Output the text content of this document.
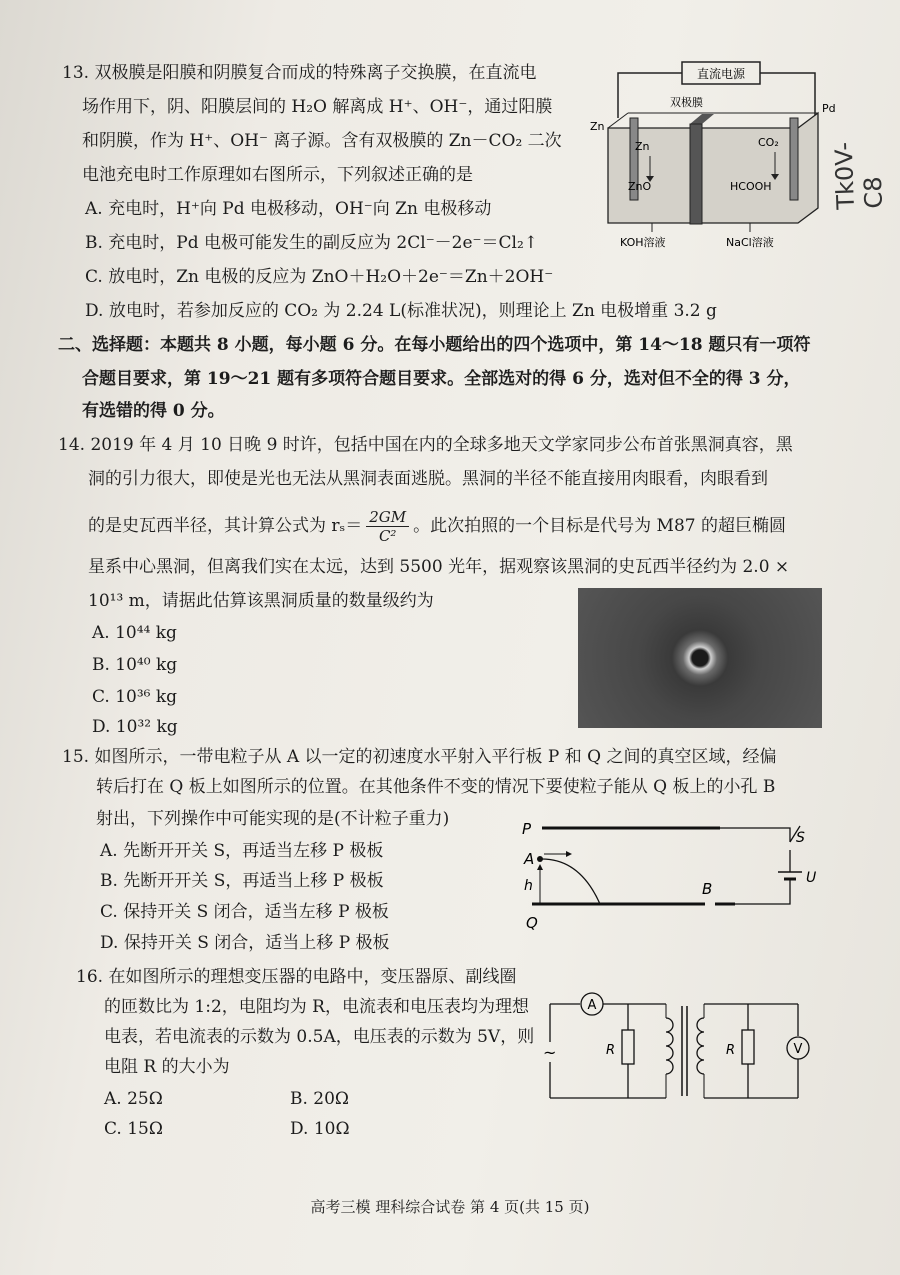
13. 双极膜是阳膜和阴膜复合而成的特殊离子交换膜，在直流电
场作用下，阴、阳膜层间的 H₂O 解离成 H⁺、OH⁻，通过阳膜
和阴膜，作为 H⁺、OH⁻ 离子源。含有双极膜的 Zn－CO₂ 二次
电池充电时工作原理如右图所示，下列叙述正确的是
A. 充电时，H⁺向 Pd 电极移动，OH⁻向 Zn 电极移动
B. 充电时，Pd 电极可能发生的副反应为 2Cl⁻－2e⁻＝Cl₂↑
C. 放电时，Zn 电极的反应为 ZnO＋H₂O＋2e⁻＝Zn＋2OH⁻
D. 放电时，若参加反应的 CO₂ 为 2.24 L(标准状况)，则理论上 Zn 电极增重 3.2 g
直流电源
双极膜
Zn
Zn
Pd
ZnO
CO₂
HCOOH
KOH溶液	NaCl溶液
二、选择题：本题共 8 小题，每小题 6 分。在每小题给出的四个选项中，第 14～18 题只有一项符
合题目要求，第 19～21 题有多项符合题目要求。全部选对的得 6 分，选对但不全的得 3 分，
有选错的得 0 分。
14. 2019 年 4 月 10 日晚 9 时许，包括中国在内的全球多地天文学家同步公布首张黑洞真容，黑
洞的引力很大，即使是光也无法从黑洞表面逃脱。黑洞的半径不能直接用肉眼看，肉眼看到
的是史瓦西半径，其计算公式为 $r_s= \frac{2GM}{\text{C²}}$ 。此次拍照的一个目标是代号为 M87 的超巨椭圆
星系中心黑洞，但离我们实在太远，达到 5500 光年，据观察该黑洞的史瓦西半径约为 2.0 ×
10¹³ m，请据此估算该黑洞质量的数量级约为
A. 10⁴⁴ kg
B. 10⁴⁰ kg
C. 10³⁶ kg
D. 10³² kg
15. 如图所示，一带电粒子从 A 以一定的初速度水平射入平行板 P 和 Q 之间的真空区域，经偏
转后打在 Q 板上如图所示的位置。在其他条件不变的情况下要使粒子能从 Q 板上的小孔 B
射出，下列操作中可能实现的是(不计粒子重力)
A. 先断开开关 S，再适当左移 P 极板
B. 先断开开关 S，再适当上移 P 极板
C. 保持开关 S 闭合，适当左移 P 极板
D. 保持开关 S 闭合，适当上移 P 极板
P	S
U
A
h	B
Q
16. 在如图所示的理想变压器的电路中，变压器原、副线圈
的匝数比为 1:2，电阻均为 R，电流表和电压表均为理想
电表，若电流表的示数为 0.5A，电压表的示数为 5V，则
电阻 R 的大小为
A. 25Ω	B. 20Ω
C. 15Ω	D. 10Ω
A
~	R	R	V
高考三模 理科综合试卷 第 4 页(共 15 页)
Tk0V-C8
